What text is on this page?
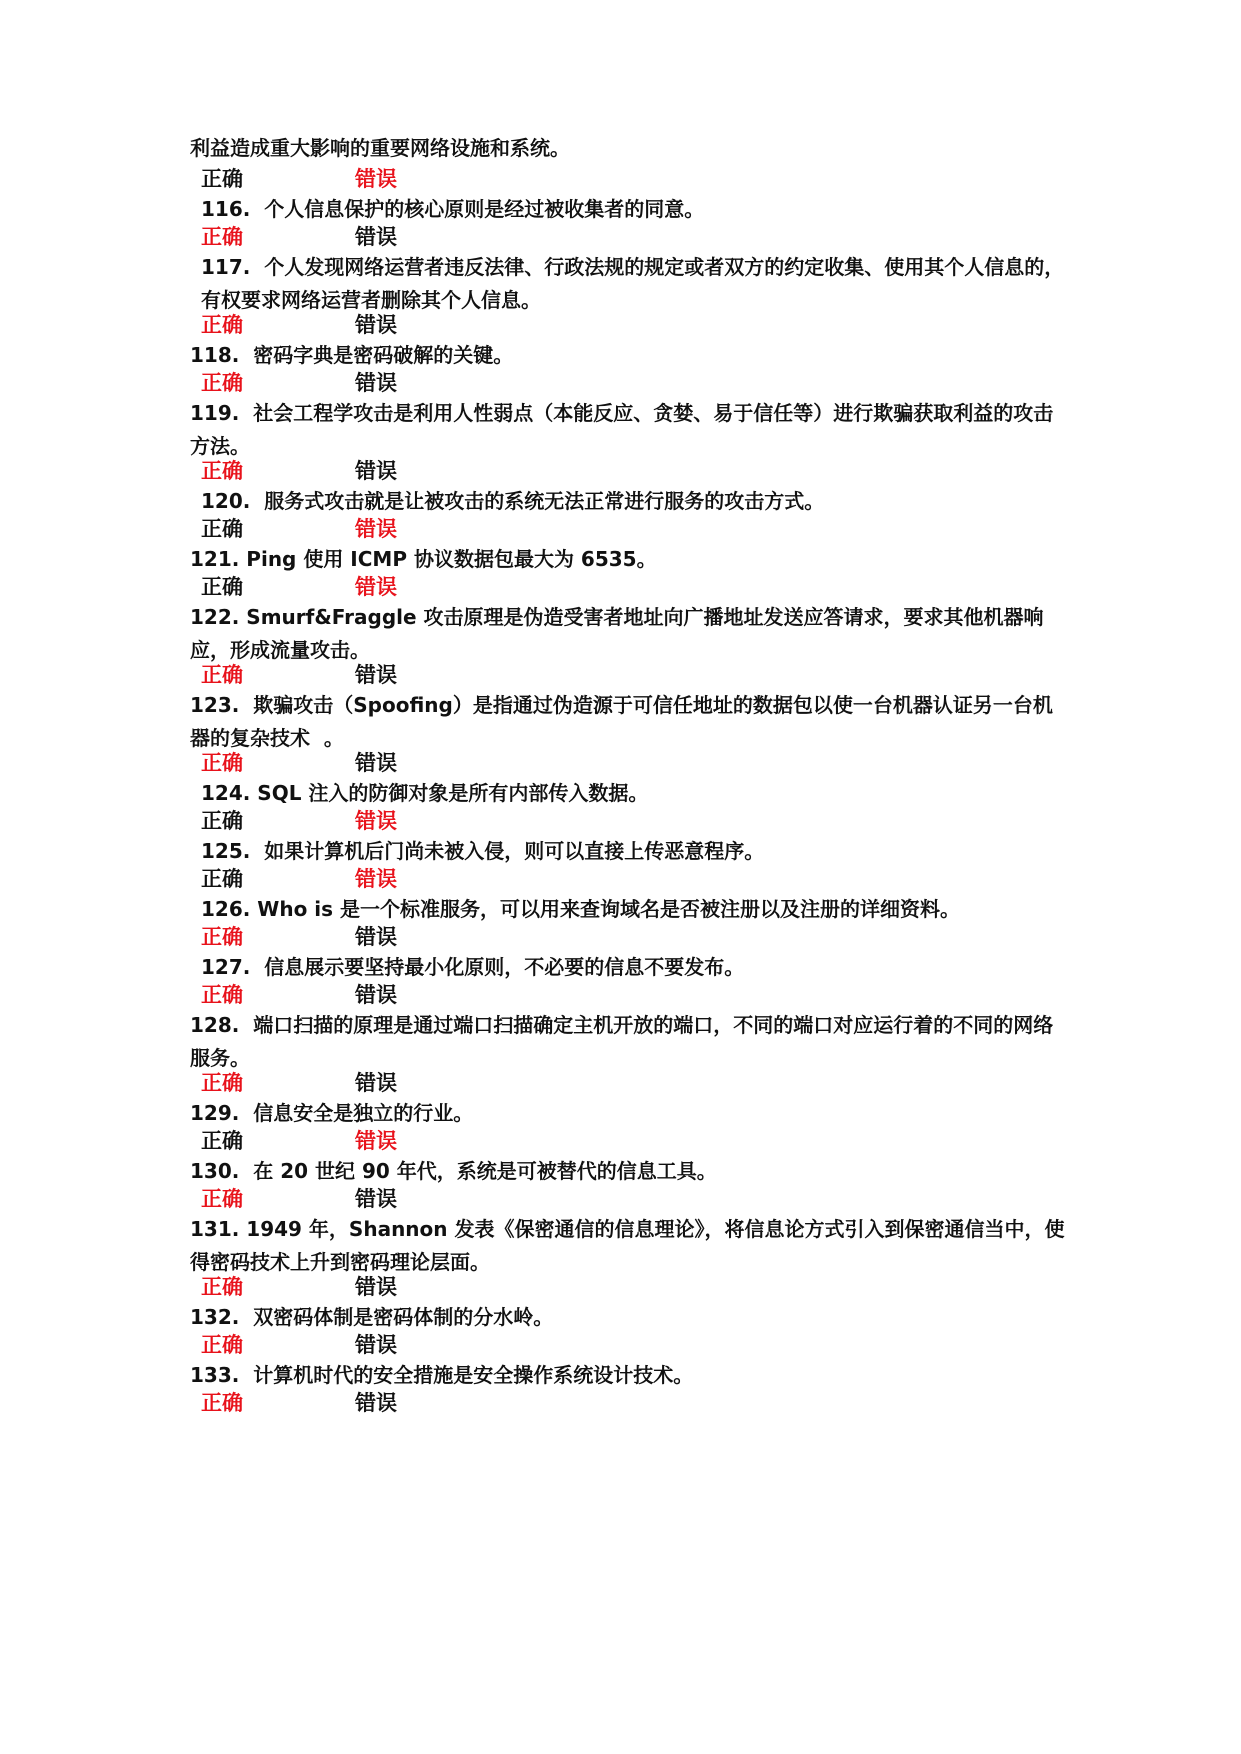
利益造成重大影响的重要网络设施和系统。

正确	错误

116.  个人信息保护的核心原则是经过被收集者的同意。

正确	错误

117.  个人发现网络运营者违反法律、行政法规的规定或者双方的约定收集、使用其个人信息的，有权要求网络运营者删除其个人信息。

正确	错误

118.  密码字典是密码破解的关键。

正确	错误

119.  社会工程学攻击是利用人性弱点（本能反应、贪婪、易于信任等）进行欺骗获取利益的攻击方法。

正确	错误

120.  服务式攻击就是让被攻击的系统无法正常进行服务的攻击方式。

正确	错误

121. Ping 使用 ICMP 协议数据包最大为 6535。

正确	错误

122. Smurf&Fraggle 攻击原理是伪造受害者地址向广播地址发送应答请求，要求其他机器响应，形成流量攻击。

正确	错误

123.  欺骗攻击（Spoofing）是指通过伪造源于可信任地址的数据包以使一台机器认证另一台机器的复杂技术  。

正确	错误

124. SQL 注入的防御对象是所有内部传入数据。

正确	错误

125.  如果计算机后门尚未被入侵，则可以直接上传恶意程序。

正确	错误

126. Who is 是一个标准服务，可以用来查询域名是否被注册以及注册的详细资料。

正确	错误

127.  信息展示要坚持最小化原则，不必要的信息不要发布。

正确	错误

128.  端口扫描的原理是通过端口扫描确定主机开放的端口，不同的端口对应运行着的不同的网络服务。

正确	错误

129.  信息安全是独立的行业。

正确	错误

130.  在 20 世纪 90 年代，系统是可被替代的信息工具。

正确	错误

131. 1949 年，Shannon 发表《保密通信的信息理论》，将信息论方式引入到保密通信当中，使得密码技术上升到密码理论层面。

正确	错误

132.  双密码体制是密码体制的分水岭。

正确	错误

133.  计算机时代的安全措施是安全操作系统设计技术。

正确	错误
